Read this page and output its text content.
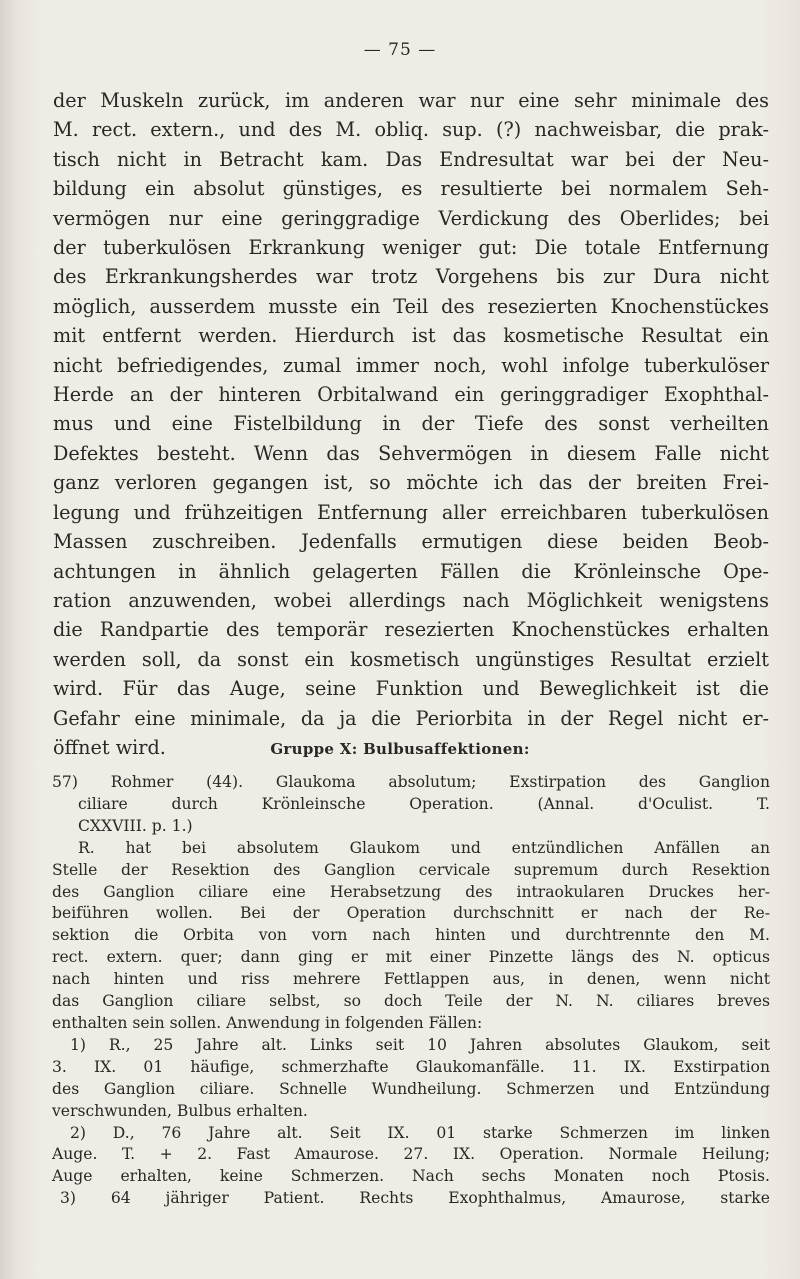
— 75 —
der Muskeln zurück, im anderen war nur eine sehr minimale des
M. rect. extern., und des M. obliq. sup. (?) nachweisbar, die prak-
tisch nicht in Betracht kam. Das Endresultat war bei der Neu-
bildung ein absolut günstiges, es resultierte bei normalem Seh-
vermögen nur eine geringgradige Verdickung des Oberlides; bei
der tuberkulösen Erkrankung weniger gut: Die totale Entfernung
des Erkrankungsherdes war trotz Vorgehens bis zur Dura nicht
möglich, ausserdem musste ein Teil des resezierten Knochenstückes
mit entfernt werden. Hierdurch ist das kosmetische Resultat ein
nicht befriedigendes, zumal immer noch, wohl infolge tuberkulöser
Herde an der hinteren Orbitalwand ein geringgradiger Exophthal-
mus und eine Fistelbildung in der Tiefe des sonst verheilten
Defektes besteht. Wenn das Sehvermögen in diesem Falle nicht
ganz verloren gegangen ist, so möchte ich das der breiten Frei-
legung und frühzeitigen Entfernung aller erreichbaren tuberkulösen
Massen zuschreiben. Jedenfalls ermutigen diese beiden Beob-
achtungen in ähnlich gelagerten Fällen die Krönleinsche Ope-
ration anzuwenden, wobei allerdings nach Möglichkeit wenigstens
die Randpartie des temporär resezierten Knochenstückes erhalten
werden soll, da sonst ein kosmetisch ungünstiges Resultat erzielt
wird. Für das Auge, seine Funktion und Beweglichkeit ist die
Gefahr eine minimale, da ja die Periorbita in der Regel nicht er-
öffnet wird.	Gruppe X: Bulbusaffektionen:
57) Rohmer (44). Glaukoma absolutum; Exstirpation des Ganglion
ciliare durch Krönleinsche Operation. (Annal. d'Oculist. T.
CXXVIII. p. 1.)
R. hat bei absolutem Glaukom und entzündlichen Anfällen an
Stelle der Resektion des Ganglion cervicale supremum durch Resektion
des Ganglion ciliare eine Herabsetzung des intraokularen Druckes her-
beiführen wollen. Bei der Operation durchschnitt er nach der Re-
sektion die Orbita von vorn nach hinten und durchtrennte den M.
rect. extern. quer; dann ging er mit einer Pinzette längs des N. opticus
nach hinten und riss mehrere Fettlappen aus, in denen, wenn nicht
das Ganglion ciliare selbst, so doch Teile der N. N. ciliares breves
enthalten sein sollen. Anwendung in folgenden Fällen:
1) R., 25 Jahre alt. Links seit 10 Jahren absolutes Glaukom, seit
3. IX. 01 häufige, schmerzhafte Glaukomanfälle. 11. IX. Exstirpation
des Ganglion ciliare. Schnelle Wundheilung. Schmerzen und Entzündung
verschwunden, Bulbus erhalten.
2) D., 76 Jahre alt. Seit IX. 01 starke Schmerzen im linken
Auge. T. + 2. Fast Amaurose. 27. IX. Operation. Normale Heilung;
Auge erhalten, keine Schmerzen. Nach sechs Monaten noch Ptosis.
3) 64 jähriger Patient. Rechts Exophthalmus, Amaurose, starke
